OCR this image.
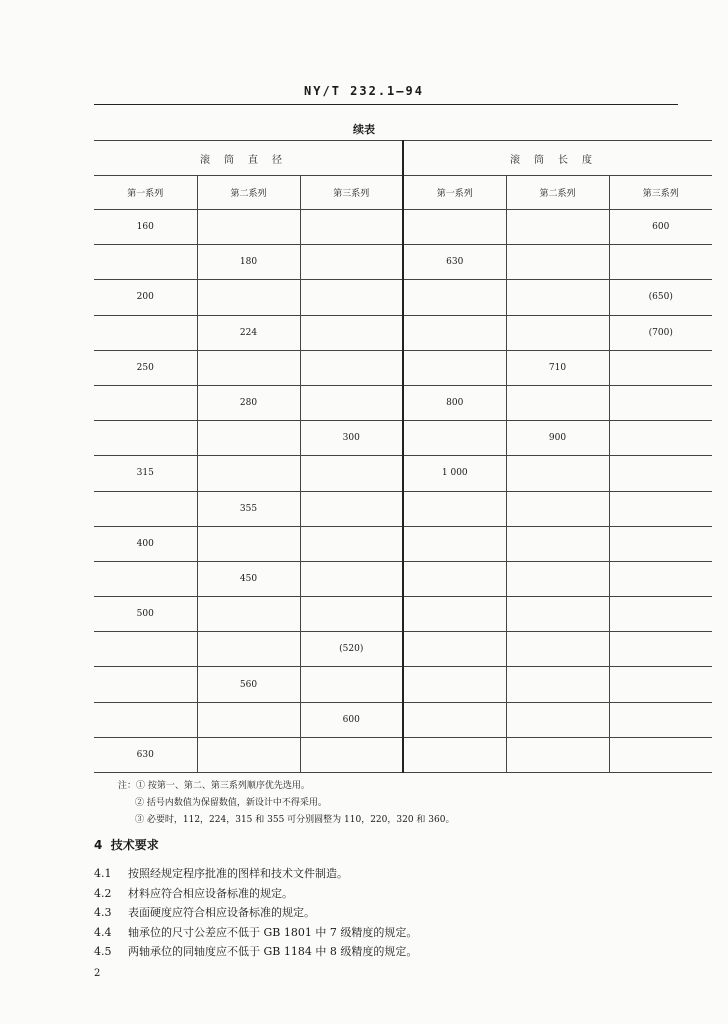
NY/T 232.1—94
续表
滚筒直径			滚筒长度		
第一系列	第二系列	第三系列	第一系列	第二系列	第三系列
160					600
	180		630		
200					(650)
	224				(700)
250				710	
	280		800		
		300		900	
315			1 000		
	355				
400					
	450				
500					
		(520)			
	560				
		600			
630					
注：① 按第一、第二、第三系列顺序优先选用。
② 括号内数值为保留数值，新设计中不得采用。
③ 必要时，112，224，315 和 355 可分别圆整为 110，220，320 和 360。
4 技术要求
4.1 按照经规定程序批准的图样和技术文件制造。
4.2 材料应符合相应设备标准的规定。
4.3 表面硬度应符合相应设备标准的规定。
4.4 轴承位的尺寸公差应不低于 GB 1801 中 7 级精度的规定。
4.5 两轴承位的同轴度应不低于 GB 1184 中 8 级精度的规定。
2
